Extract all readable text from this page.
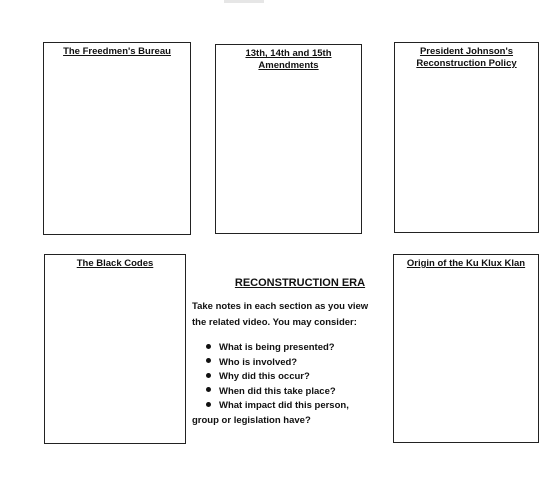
The Freedmen's Bureau	13th, 14th and 15th
Amendments
President Johnson's
Reconstruction Policy
The Black Codes	Origin of the Ku Klux Klan
RECONSTRUCTION ERA

Take notes in each section as you view
the related video. You may consider:

What is being presented?
Who is involved?
Why did this occur?
When did this take place?
What impact did this person,
group or legislation have?
